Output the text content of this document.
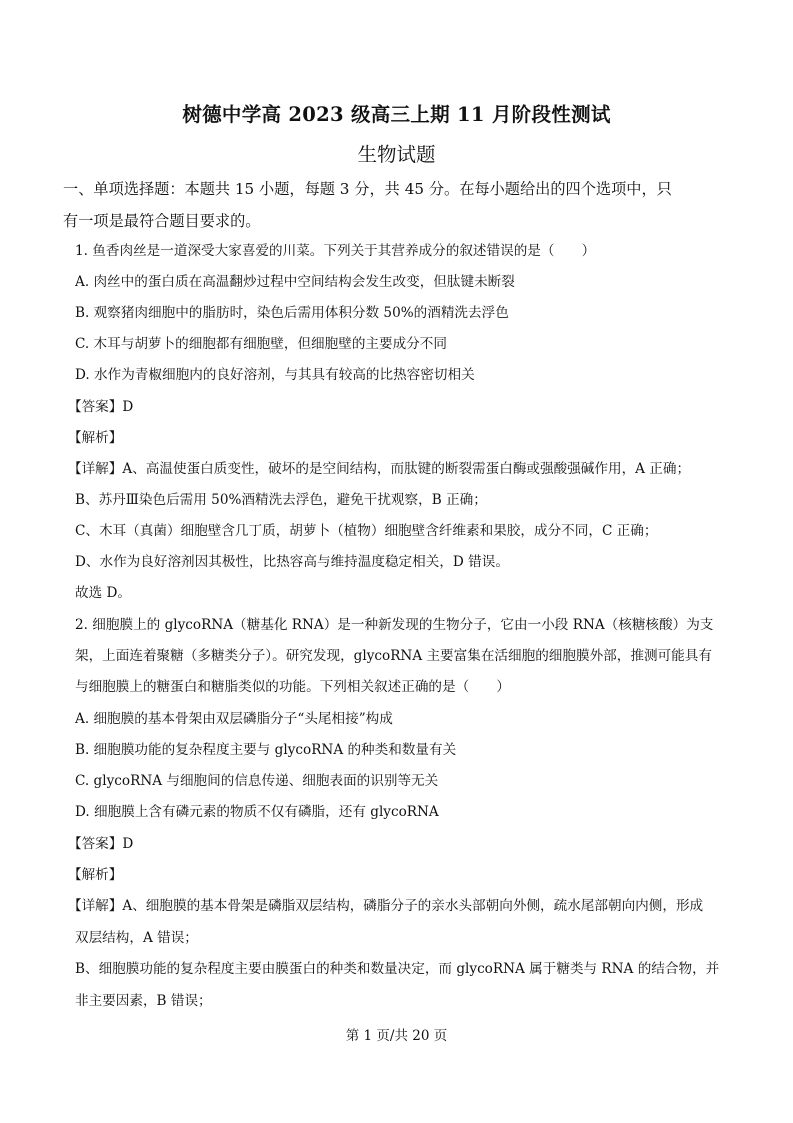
树德中学高 2023 级高三上期 11 月阶段性测试
生物试题
一、单项选择题：本题共 15 小题，每题 3 分，共 45 分。在每小题给出的四个选项中，只
有一项是最符合题目要求的。
1. 鱼香肉丝是一道深受大家喜爱的川菜。下列关于其营养成分的叙述错误的是（　　）
A. 肉丝中的蛋白质在高温翻炒过程中空间结构会发生改变，但肽键未断裂
B. 观察猪肉细胞中的脂肪时，染色后需用体积分数 50%的酒精洗去浮色
C. 木耳与胡萝卜的细胞都有细胞壁，但细胞壁的主要成分不同
D. 水作为青椒细胞内的良好溶剂，与其具有较高的比热容密切相关
【答案】D
【解析】
【详解】A、高温使蛋白质变性，破坏的是空间结构，而肽键的断裂需蛋白酶或强酸强碱作用，A 正确；
B、苏丹Ⅲ染色后需用 50%酒精洗去浮色，避免干扰观察，B 正确；
C、木耳（真菌）细胞壁含几丁质，胡萝卜（植物）细胞壁含纤维素和果胶，成分不同，C 正确；
D、水作为良好溶剂因其极性，比热容高与维持温度稳定相关，D 错误。
故选 D。
2. 细胞膜上的 glycoRNA（糖基化 RNA）是一种新发现的生物分子，它由一小段 RNA（核糖核酸）为支
架，上面连着聚糖（多糖类分子）。研究发现，glycoRNA 主要富集在活细胞的细胞膜外部，推测可能具有
与细胞膜上的糖蛋白和糖脂类似的功能。下列相关叙述正确的是（　　）
A. 细胞膜的基本骨架由双层磷脂分子“头尾相接”构成
B. 细胞膜功能的复杂程度主要与 glycoRNA 的种类和数量有关
C. glycoRNA 与细胞间的信息传递、细胞表面的识别等无关
D. 细胞膜上含有磷元素的物质不仅有磷脂，还有 glycoRNA
【答案】D
【解析】
【详解】A、细胞膜的基本骨架是磷脂双层结构，磷脂分子的亲水头部朝向外侧，疏水尾部朝向内侧，形成
双层结构，A 错误；
B、细胞膜功能的复杂程度主要由膜蛋白的种类和数量决定，而 glycoRNA 属于糖类与 RNA 的结合物，并
非主要因素，B 错误；
第 1 页/共 20 页
